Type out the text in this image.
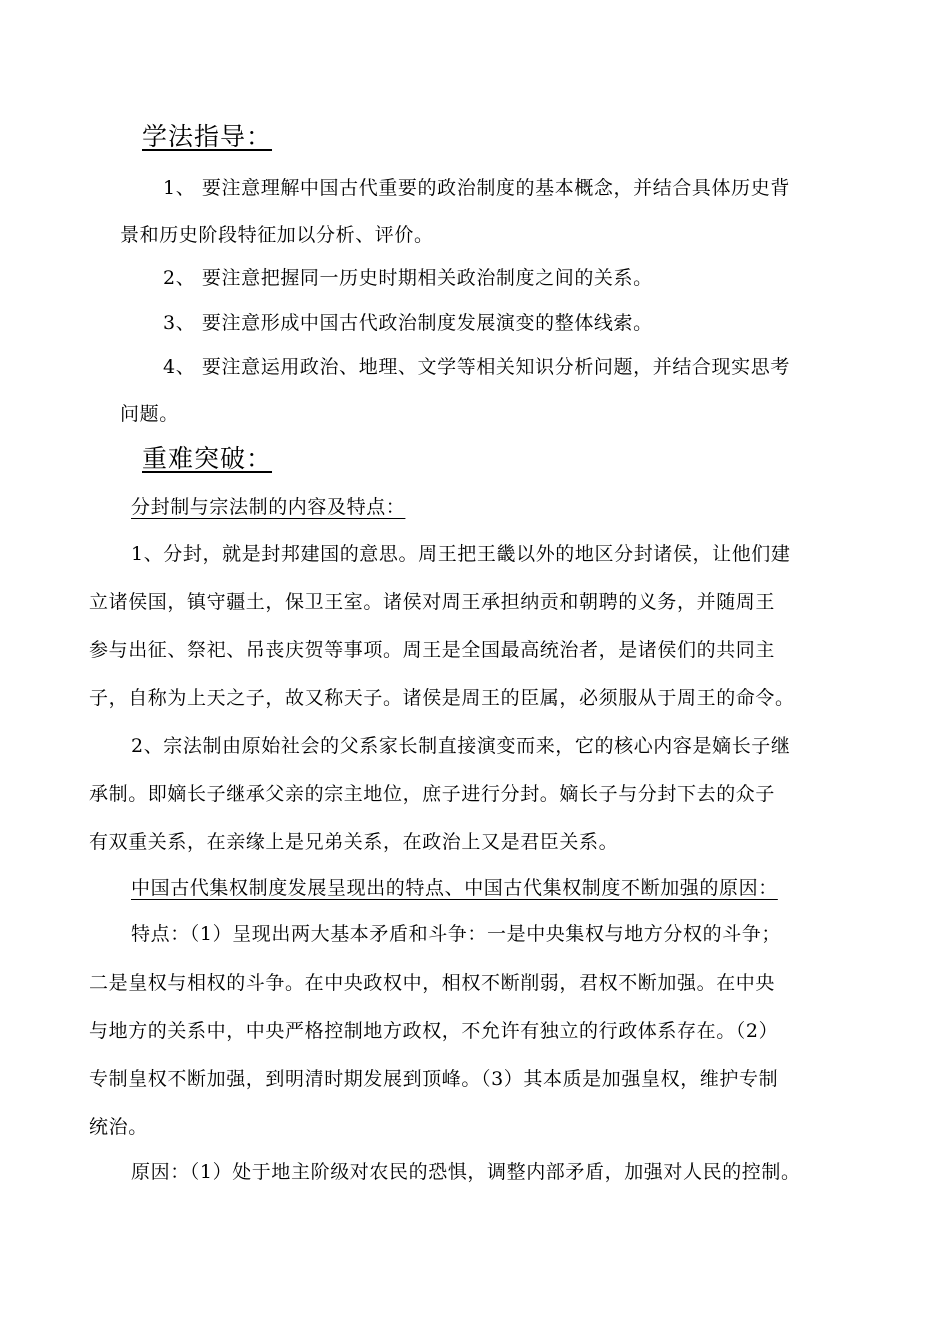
学法指导：
1、 要注意理解中国古代重要的政治制度的基本概念，并结合具体历史背
景和历史阶段特征加以分析、评价。
2、 要注意把握同一历史时期相关政治制度之间的关系。
3、 要注意形成中国古代政治制度发展演变的整体线索。
4、 要注意运用政治、地理、文学等相关知识分析问题，并结合现实思考
问题。
重难突破：
分封制与宗法制的内容及特点：
1、分封，就是封邦建国的意思。周王把王畿以外的地区分封诸侯，让他们建
立诸侯国，镇守疆土，保卫王室。诸侯对周王承担纳贡和朝聘的义务，并随周王
参与出征、祭祀、吊丧庆贺等事项。周王是全国最高统治者，是诸侯们的共同主
子，自称为上天之子，故又称天子。诸侯是周王的臣属，必须服从于周王的命令。
2、宗法制由原始社会的父系家长制直接演变而来，它的核心内容是嫡长子继
承制。即嫡长子继承父亲的宗主地位，庶子进行分封。嫡长子与分封下去的众子
有双重关系，在亲缘上是兄弟关系，在政治上又是君臣关系。
中国古代集权制度发展呈现出的特点、中国古代集权制度不断加强的原因：
特点：（1）呈现出两大基本矛盾和斗争：一是中央集权与地方分权的斗争；
二是皇权与相权的斗争。在中央政权中，相权不断削弱，君权不断加强。在中央
与地方的关系中，中央严格控制地方政权，不允许有独立的行政体系存在。（2）
专制皇权不断加强，到明清时期发展到顶峰。（3）其本质是加强皇权，维护专制
统治。
原因：（1）处于地主阶级对农民的恐惧，调整内部矛盾，加强对人民的控制。
